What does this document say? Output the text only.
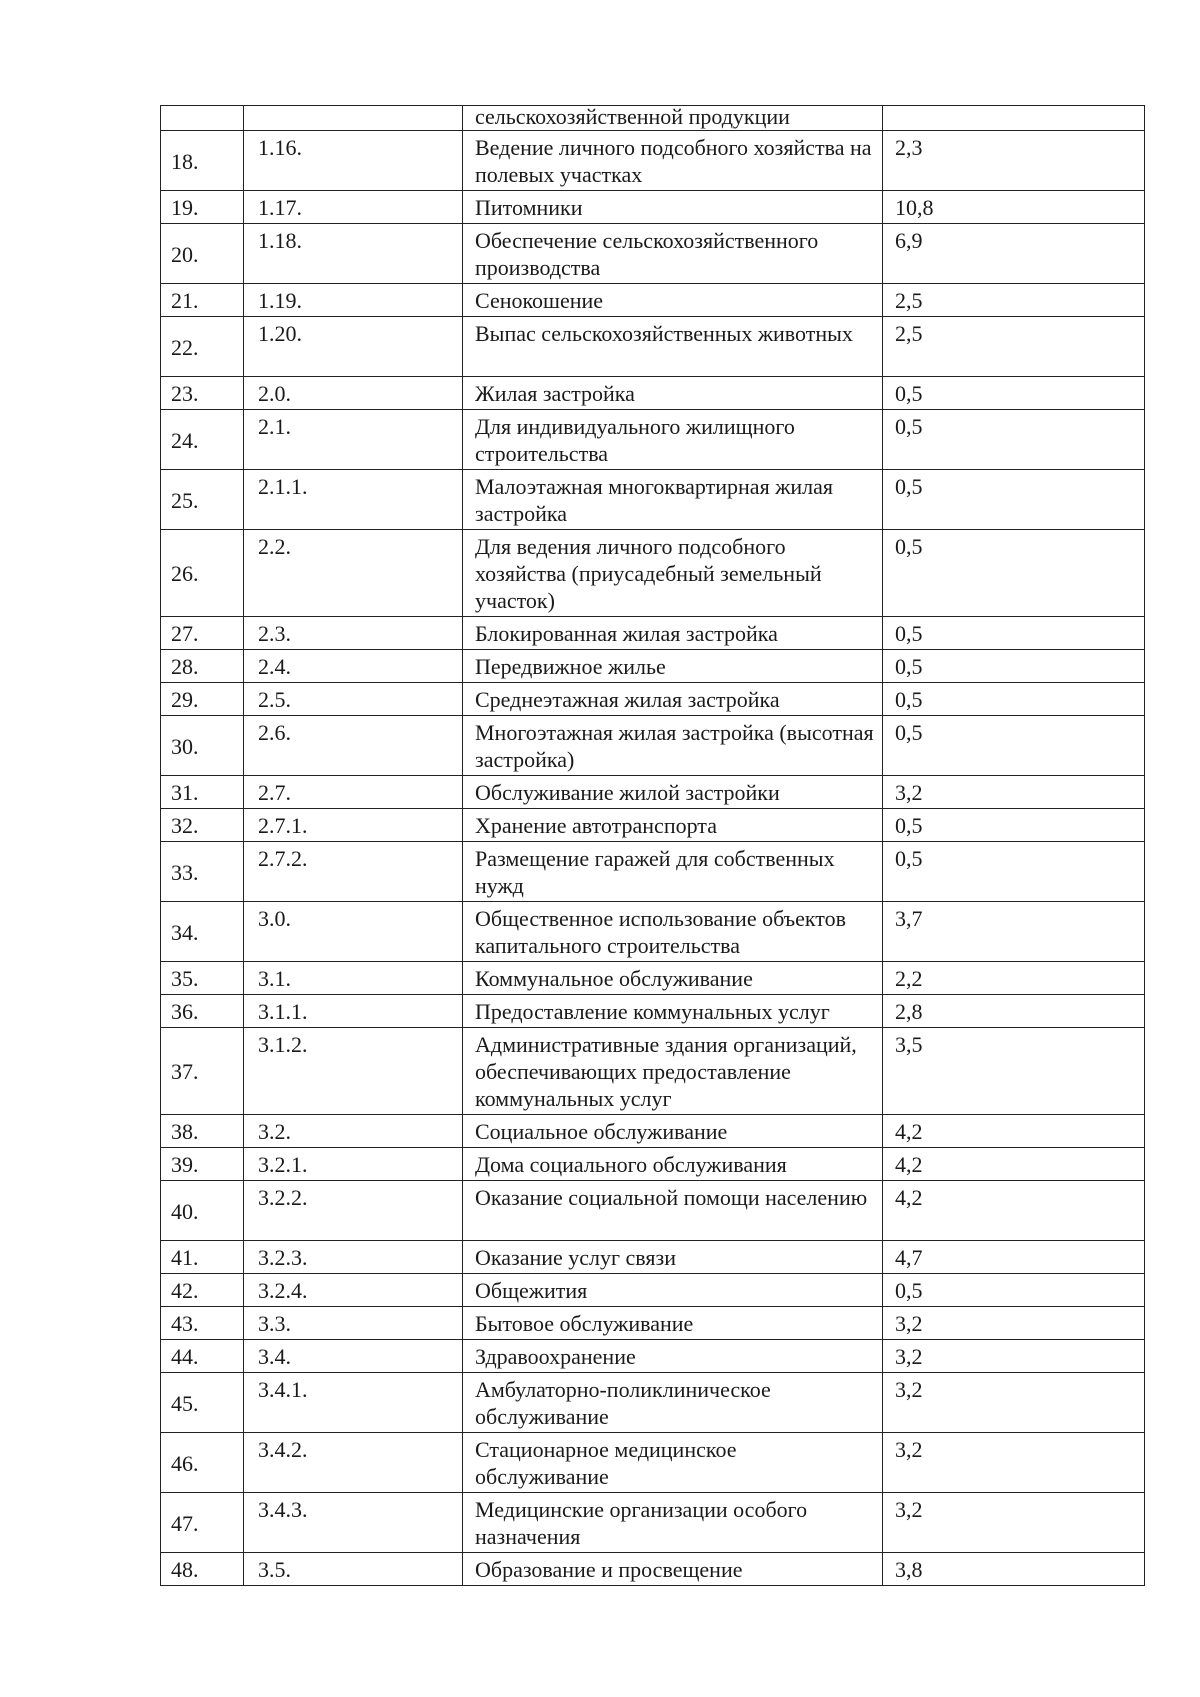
		сельскохозяйственной продукции	
18.	1.16.	Ведение личного подсобного хозяйства на полевых участках	2,3
19.	1.17.	Питомники	10,8
20.	1.18.	Обеспечение сельскохозяйственного производства	6,9
21.	1.19.	Сенокошение	2,5
22.	1.20.	Выпас сельскохозяйственных животных	2,5
23.	2.0.	Жилая застройка	0,5
24.	2.1.	Для индивидуального жилищного строительства	0,5
25.	2.1.1.	Малоэтажная многоквартирная жилая застройка	0,5
26.	2.2.	Для ведения личного подсобного хозяйства (приусадебный земельный участок)	0,5
27.	2.3.	Блокированная жилая застройка	0,5
28.	2.4.	Передвижное жилье	0,5
29.	2.5.	Среднеэтажная жилая застройка	0,5
30.	2.6.	Многоэтажная жилая застройка (высотная застройка)	0,5
31.	2.7.	Обслуживание жилой застройки	3,2
32.	2.7.1.	Хранение автотранспорта	0,5
33.	2.7.2.	Размещение гаражей для собственных нужд	0,5
34.	3.0.	Общественное использование объектов капитального строительства	3,7
35.	3.1.	Коммунальное обслуживание	2,2
36.	3.1.1.	Предоставление коммунальных услуг	2,8
37.	3.1.2.	Административные здания организаций, обеспечивающих предоставление коммунальных услуг	3,5
38.	3.2.	Социальное обслуживание	4,2
39.	3.2.1.	Дома социального обслуживания	4,2
40.	3.2.2.	Оказание социальной помощи населению	4,2
41.	3.2.3.	Оказание услуг связи	4,7
42.	3.2.4.	Общежития	0,5
43.	3.3.	Бытовое обслуживание	3,2
44.	3.4.	Здравоохранение	3,2
45.	3.4.1.	Амбулаторно-поликлиническое обслуживание	3,2
46.	3.4.2.	Стационарное медицинское обслуживание	3,2
47.	3.4.3.	Медицинские организации особого назначения	3,2
48.	3.5.	Образование и просвещение	3,8
